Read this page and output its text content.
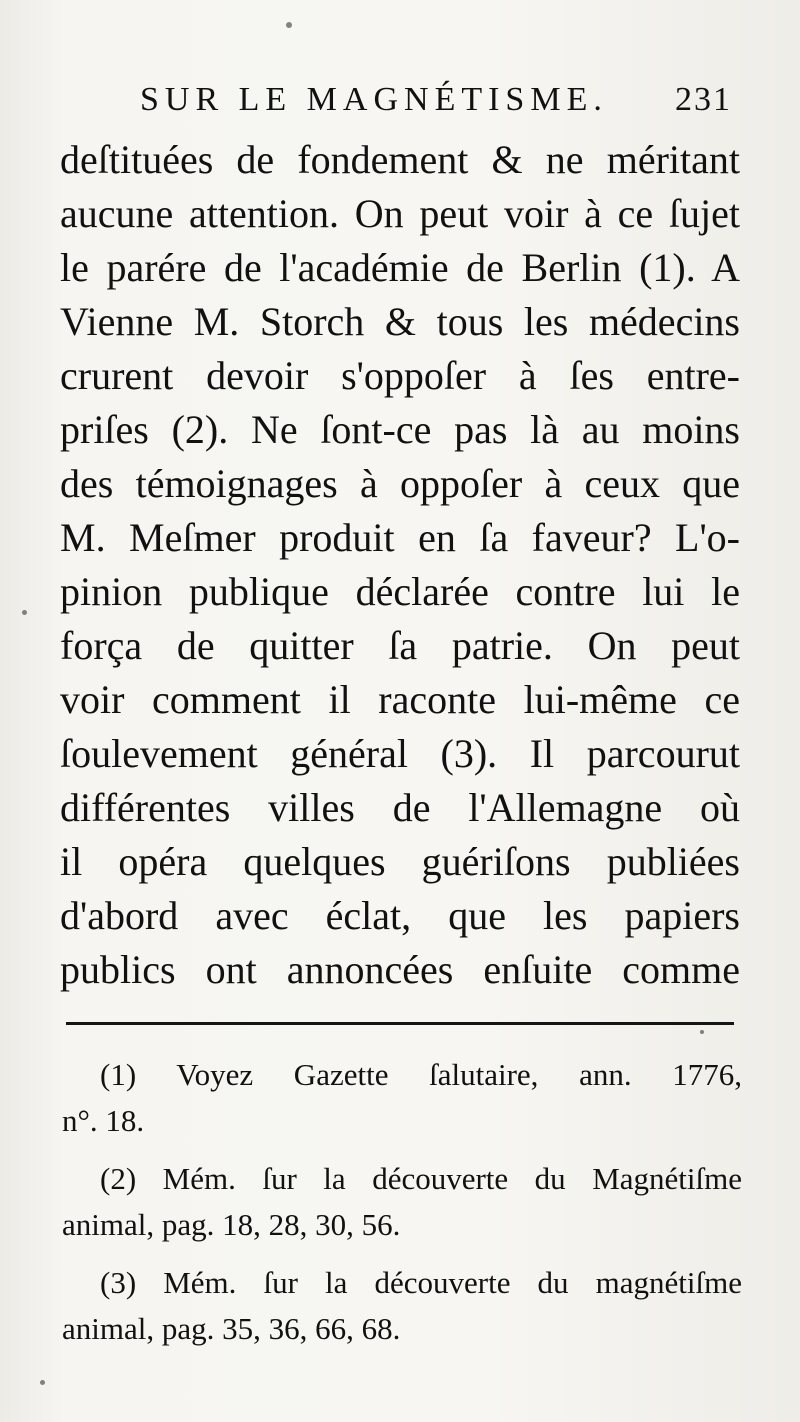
SUR LE MAGNÉTISME. 231
deſtituées de fondement & ne méritant
aucune attention. On peut voir à ce ſujet
le parére de l'académie de Berlin (1). A
Vienne M. Storch & tous les médecins
crurent devoir s'oppoſer à ſes entre-
priſes (2). Ne ſont-ce pas là au moins
des témoignages à oppoſer à ceux que
M. Meſmer produit en ſa faveur? L'o-
pinion publique déclarée contre lui le
força de quitter ſa patrie. On peut
voir comment il raconte lui-même ce
ſoulevement général (3). Il parcourut
différentes villes de l'Allemagne où
il opéra quelques guériſons publiées
d'abord avec éclat, que les papiers
publics ont annoncées enſuite comme
(1) Voyez Gazette ſalutaire, ann. 1776,
n°. 18.
(2) Mém. ſur la découverte du Magnétiſme
animal, pag. 18, 28, 30, 56.
(3) Mém. ſur la découverte du magnétiſme
animal, pag. 35, 36, 66, 68.
